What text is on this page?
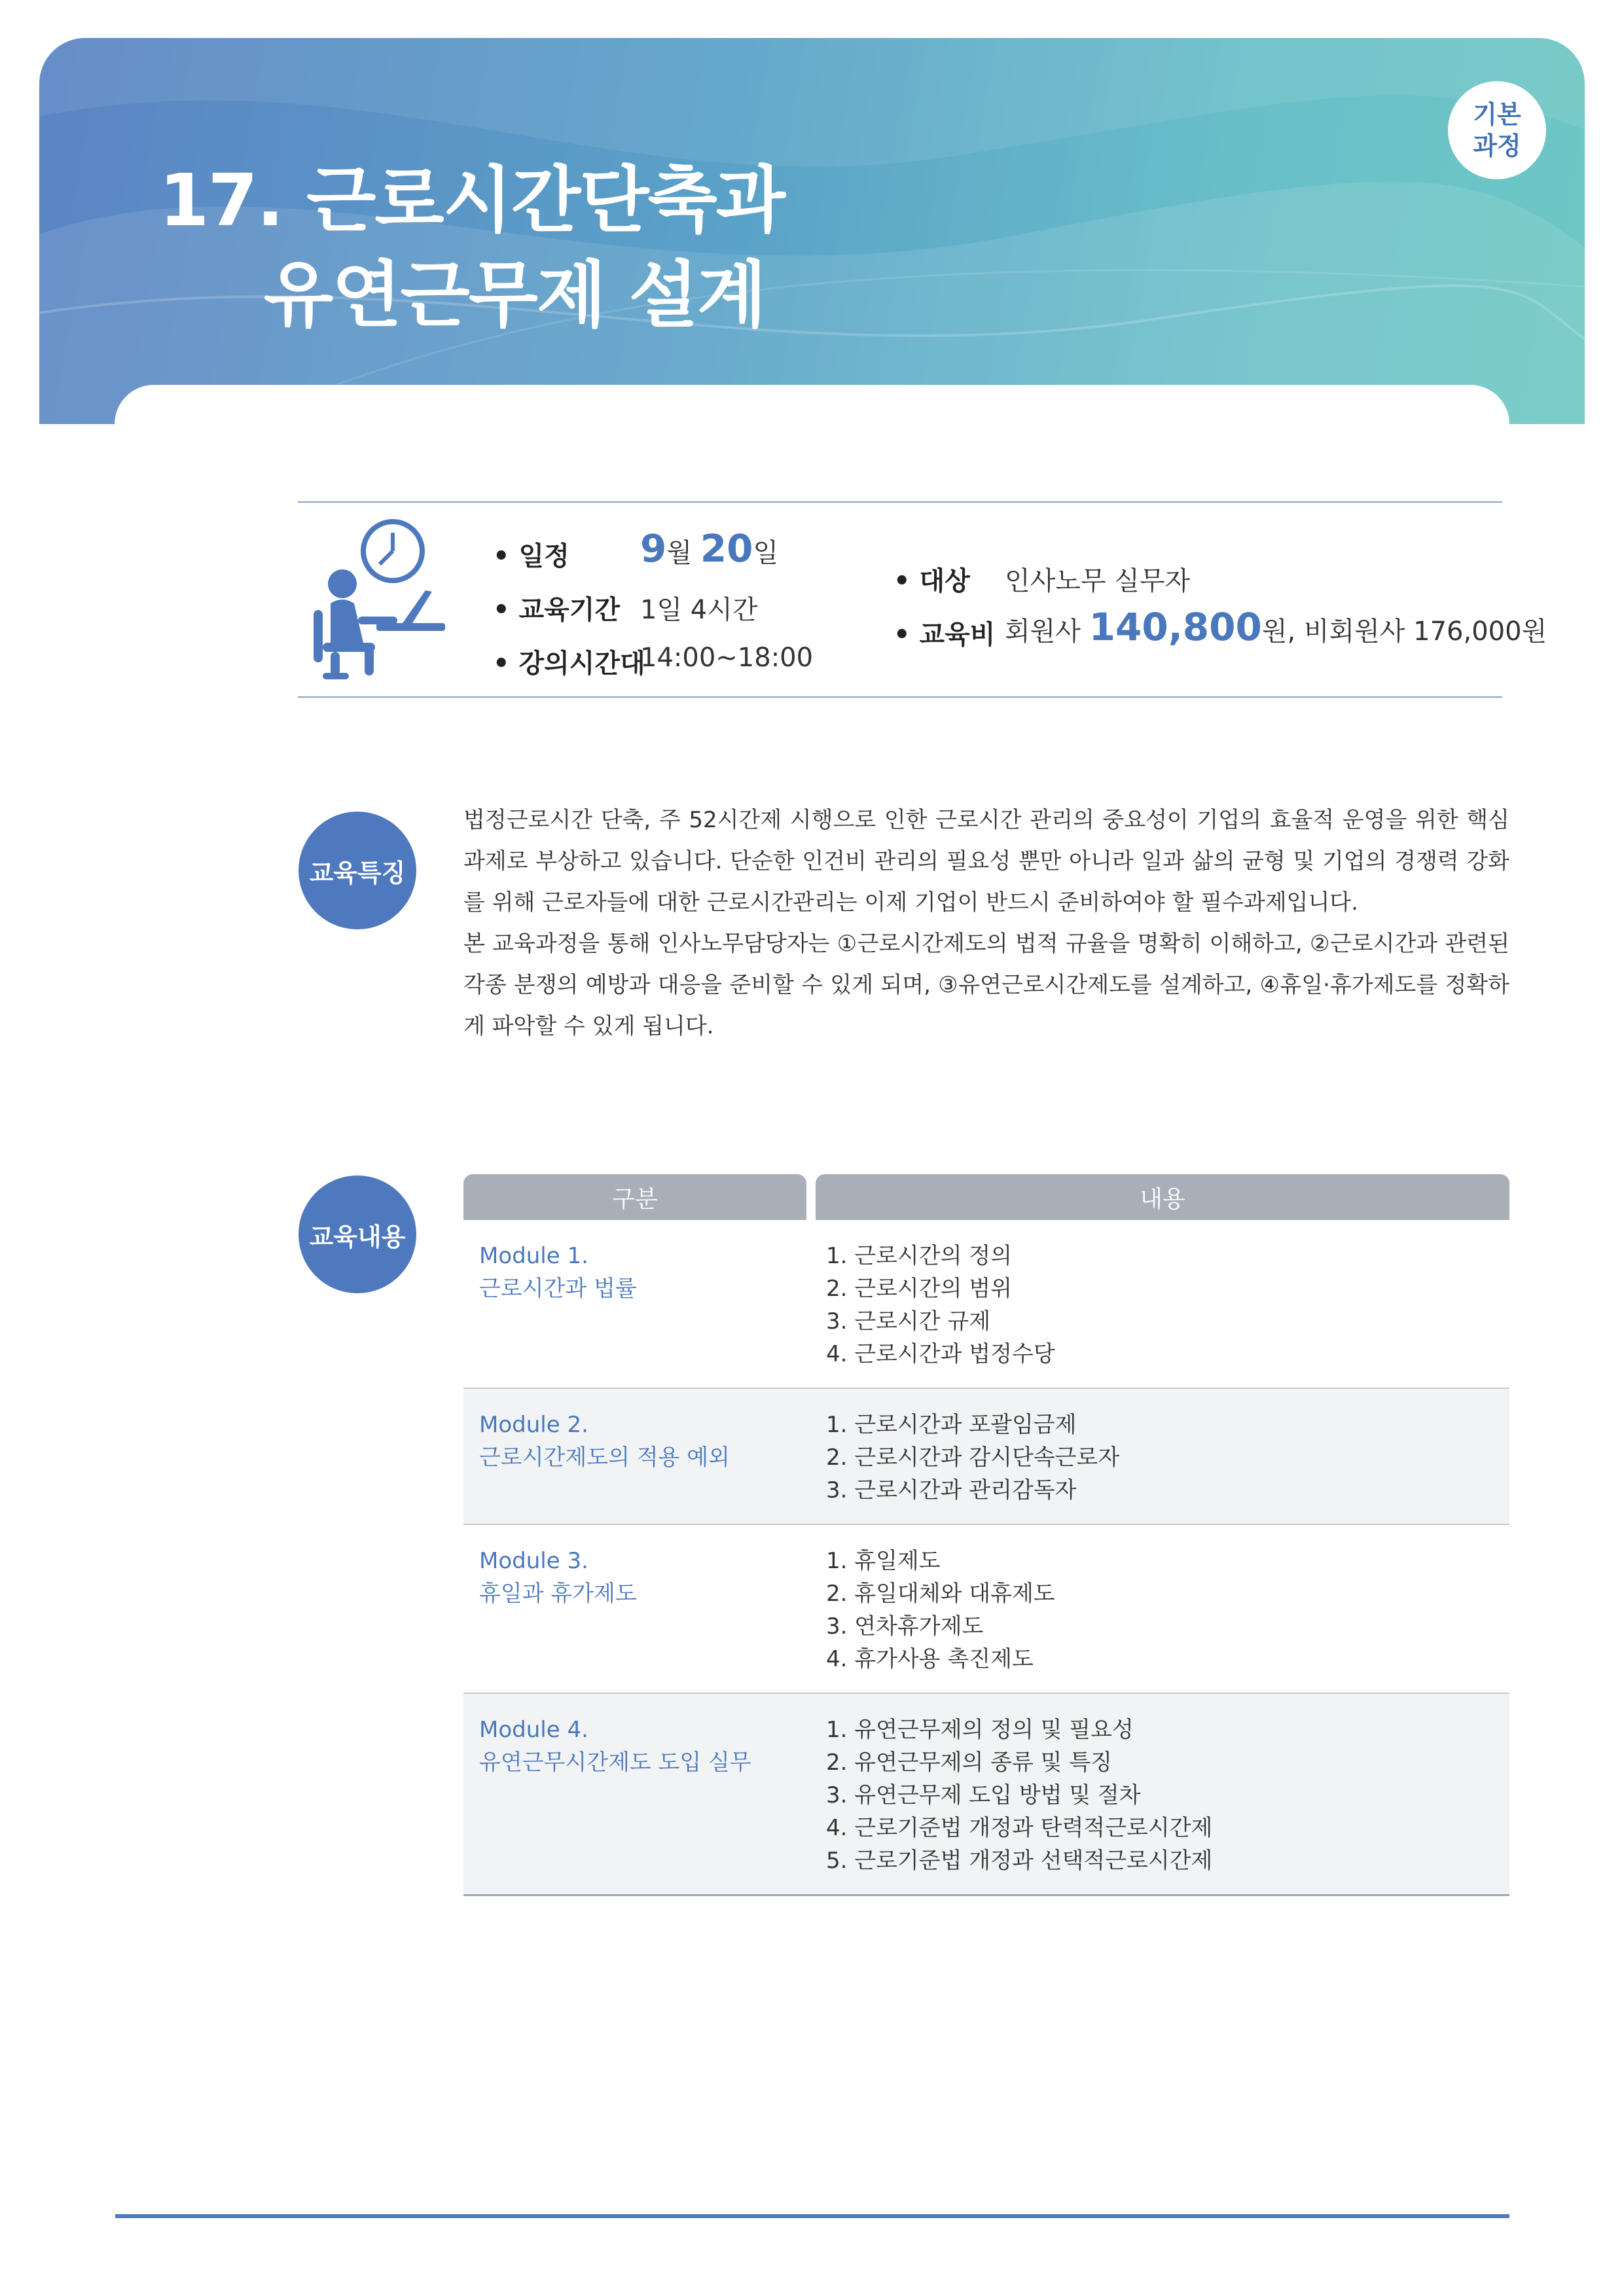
17. 근로시간단축과
유연근무제 설계
기본
과정
• 일정 9월 20일
• 교육기간 1일 4시간
• 강의시간대
14:00~18:00
• 대상 인사노무 실무자
• 교육비 회원사 140,800원, 비회원사 176,000원
교육특징

법정근로시간 단축, 주 52시간제 시행으로 인한 근로시간 관리의 중요성이 기업의 효율적 운영을 위한 핵심과제로 부상하고 있습니다. 단순한 인건비 관리의 필요성 뿐만 아니라 일과 삶의 균형 및 기업의 경쟁력 강화를 위해 근로자들에 대한 근로시간관리는 이제 기업이 반드시 준비하여야 할 필수과제입니다.

본 교육과정을 통해 인사노무담당자는 ①근로시간제도의 법적 규율을 명확히 이해하고, ②근로시간과 관련된 각종 분쟁의 예방과 대응을 준비할 수 있게 되며, ③유연근로시간제도를 설계하고, ④휴일·휴가제도를 정확하게 파악할 수 있게 됩니다.

교육내용
구분	내용
Module 1.
근로시간과 법률
1. 근로시간의 정의
2. 근로시간의 범위
3. 근로시간 규제
4. 근로시간과 법정수당
Module 2.
근로시간제도의 적용 예외
1. 근로시간과 포괄임금제
2. 근로시간과 감시단속근로자
3. 근로시간과 관리감독자
Module 3.
휴일과 휴가제도
1. 휴일제도
2. 휴일대체와 대휴제도
3. 연차휴가제도
4. 휴가사용 촉진제도
Module 4.
유연근무시간제도 도입 실무
1. 유연근무제의 정의 및 필요성
2. 유연근무제의 종류 및 특징
3. 유연근무제 도입 방법 및 절차
4. 근로기준법 개정과 탄력적근로시간제
5. 근로기준법 개정과 선택적근로시간제
